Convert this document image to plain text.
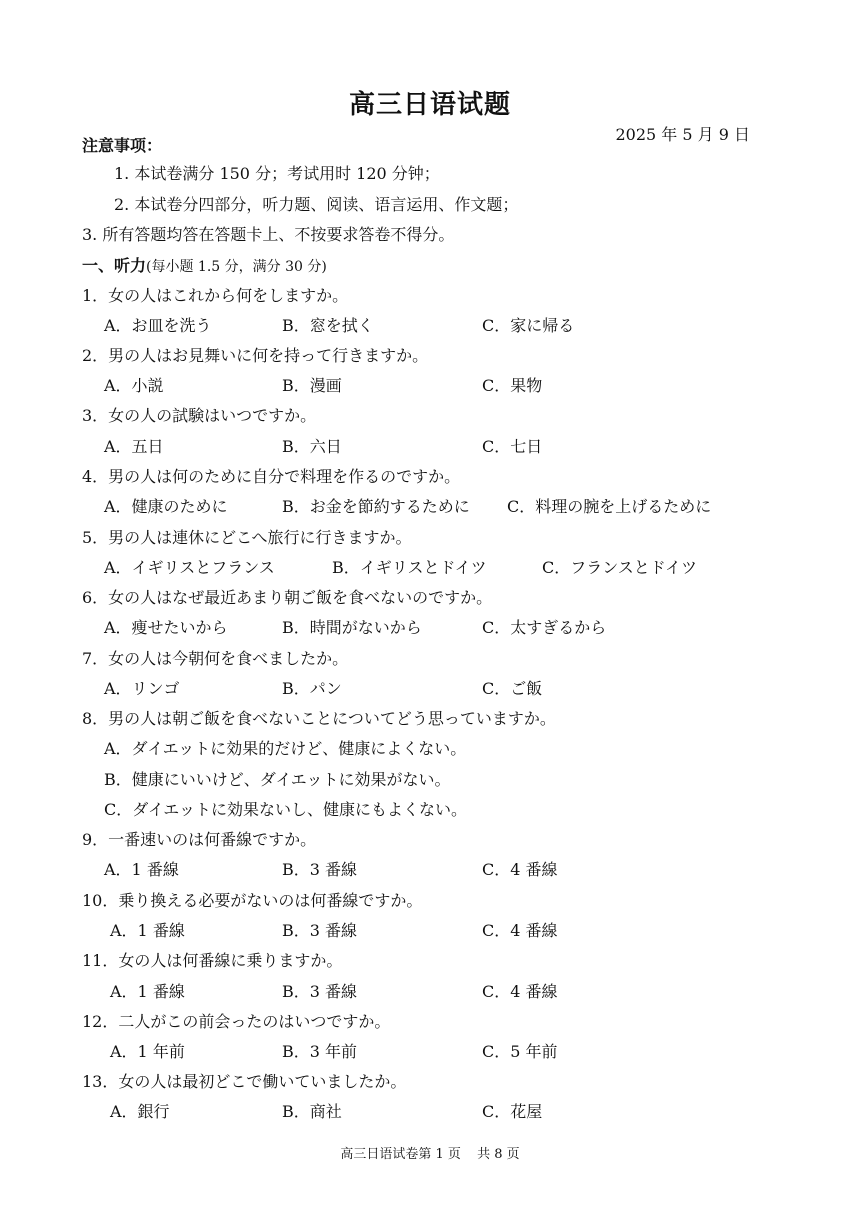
高三日语试题
2025 年 5 月 9 日
注意事项：
1. 本试卷满分 150 分；考试用时 120 分钟；
2. 本试卷分四部分，听力题、阅读、语言运用、作文题；
3. 所有答题均答在答题卡上、不按要求答卷不得分。
一、听力(每小题 1.5 分，满分 30 分)
1．女の人はこれから何をしますか。
A．お皿を洗う	B．窓を拭く	C．家に帰る
2．男の人はお見舞いに何を持って行きますか。
A．小説	B．漫画	C．果物
3．女の人の試験はいつですか。
A．五日	B．六日	C．七日
4．男の人は何のために自分で料理を作るのですか。
A．健康のために	B．お金を節約するために C．料理の腕を上げるために
5．男の人は連休にどこへ旅行に行きますか。
A．イギリスとフランス	B．イギリスとドイツ	C．フランスとドイツ
6．女の人はなぜ最近あまり朝ご飯を食べないのですか。
A．痩せたいから	B．時間がないから	C．太すぎるから
7．女の人は今朝何を食べましたか。
A．リンゴ	B．パン	C．ご飯
8．男の人は朝ご飯を食べないことについてどう思っていますか。
A．ダイエットに効果的だけど、健康によくない。
B．健康にいいけど、ダイエットに効果がない。
C．ダイエットに効果ないし、健康にもよくない。
9．一番速いのは何番線ですか。
A．1 番線	B．3 番線	C．4 番線
10．乗り換える必要がないのは何番線ですか。
A．1 番線	B．3 番線	C．4 番線
11．女の人は何番線に乗りますか。
A．1 番線	B．3 番線	C．4 番線
12．二人がこの前会ったのはいつですか。
A．1 年前	B．3 年前	C．5 年前
13．女の人は最初どこで働いていましたか。
A．銀行	B．商社	C．花屋
高三日语试卷第 1 页 共 8 页
